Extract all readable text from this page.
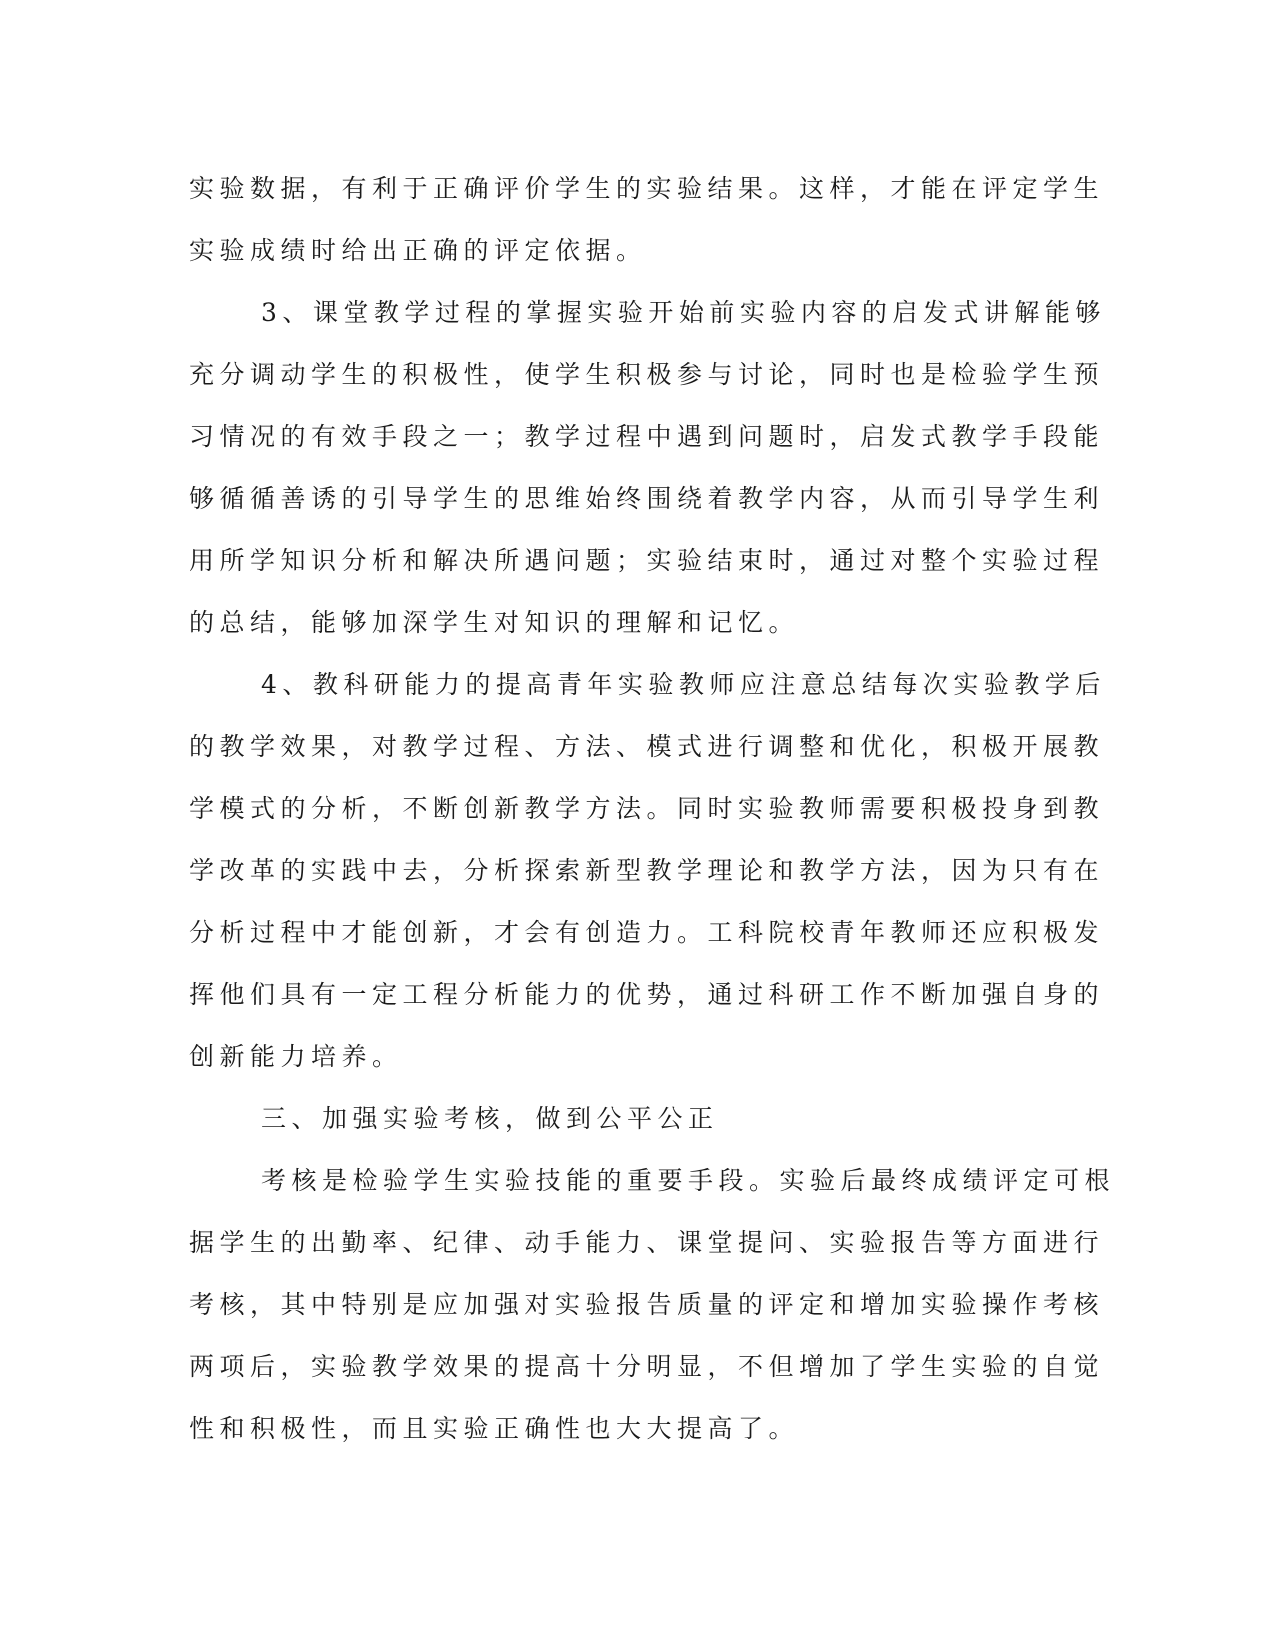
实验数据，有利于正确评价学生的实验结果。这样，才能在评定学生
实验成绩时给出正确的评定依据。
3、课堂教学过程的掌握实验开始前实验内容的启发式讲解能够
充分调动学生的积极性，使学生积极参与讨论，同时也是检验学生预
习情况的有效手段之一；教学过程中遇到问题时，启发式教学手段能
够循循善诱的引导学生的思维始终围绕着教学内容，从而引导学生利
用所学知识分析和解决所遇问题；实验结束时，通过对整个实验过程
的总结，能够加深学生对知识的理解和记忆。
4、教科研能力的提高青年实验教师应注意总结每次实验教学后
的教学效果，对教学过程、方法、模式进行调整和优化，积极开展教
学模式的分析，不断创新教学方法。同时实验教师需要积极投身到教
学改革的实践中去，分析探索新型教学理论和教学方法，因为只有在
分析过程中才能创新，才会有创造力。工科院校青年教师还应积极发
挥他们具有一定工程分析能力的优势，通过科研工作不断加强自身的
创新能力培养。
三、加强实验考核，做到公平公正
考核是检验学生实验技能的重要手段。实验后最终成绩评定可根
据学生的出勤率、纪律、动手能力、课堂提问、实验报告等方面进行
考核，其中特别是应加强对实验报告质量的评定和增加实验操作考核
两项后，实验教学效果的提高十分明显，不但增加了学生实验的自觉
性和积极性，而且实验正确性也大大提高了。
